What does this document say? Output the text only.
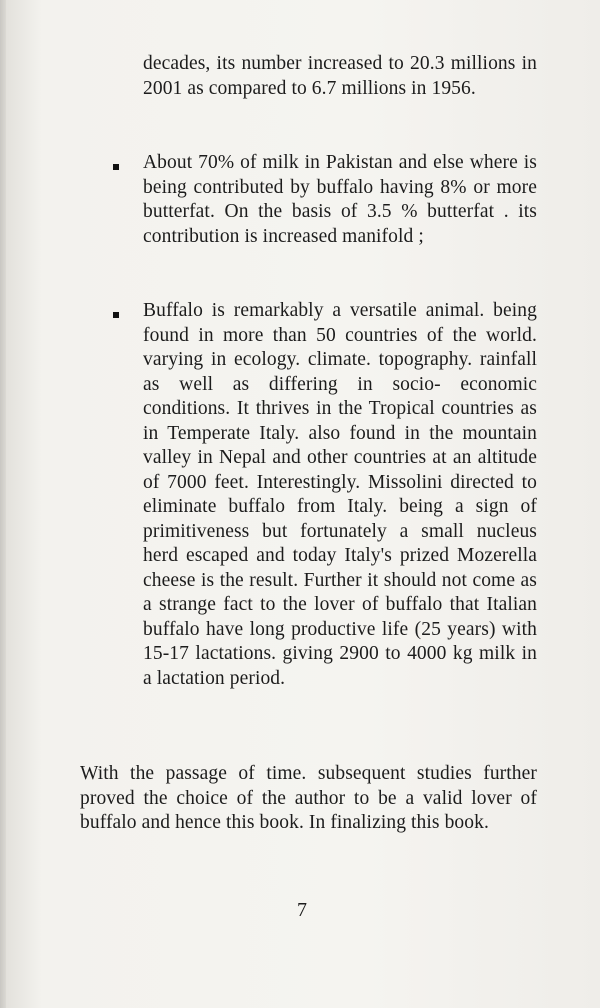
decades, its number increased to 20.3 millions in 2001 as compared to 6.7 millions in 1956.

About 70% of milk in Pakistan and else where is being contributed by buffalo having 8% or more butterfat. On the basis of 3.5 % butterfat . its contribution is increased manifold ;

Buffalo is remarkably a versatile animal. being found in more than 50 countries of the world. varying in ecology. climate. topography. rainfall as well as differing in socio- economic conditions. It thrives in the Tropical countries as in Temperate Italy. also found in the mountain valley in Nepal and other countries at an altitude of 7000 feet. Interestingly. Missolini directed to eliminate buffalo from Italy. being a sign of primitiveness but fortunately a small nucleus herd escaped and today Italy's prized Mozerella cheese is the result. Further it should not come as a strange fact to the lover of buffalo that Italian buffalo have long productive life (25 years) with 15-17 lactations. giving 2900 to 4000 kg milk in a lactation period.

With the passage of time. subsequent studies further proved the choice of the author to be a valid lover of buffalo and hence this book. In finalizing this book.

7
